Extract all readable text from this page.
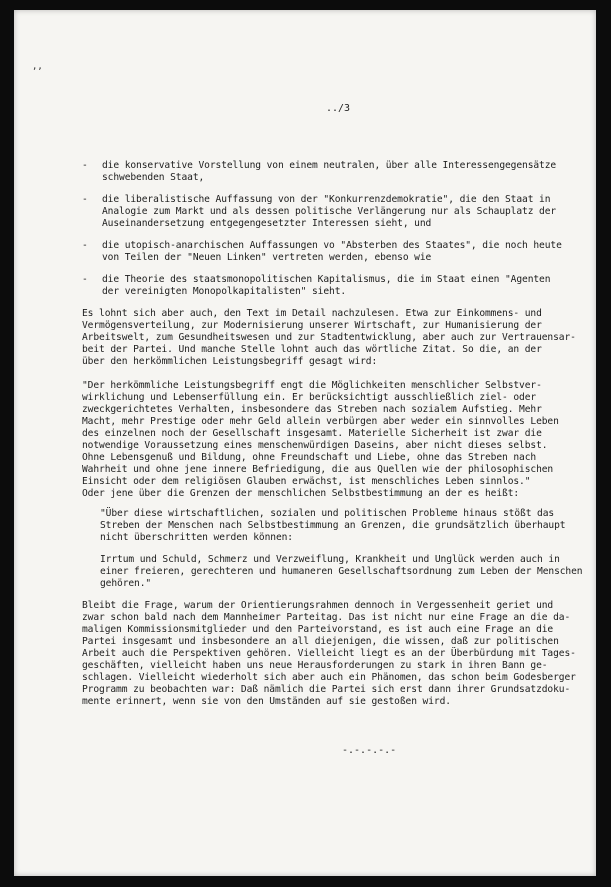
,,
../3
-	die konservative Vorstellung von einem neutralen, über alle Interessengegensätze
schwebenden Staat,
-	die liberalistische Auffassung von der "Konkurrenzdemokratie", die den Staat in
Analogie zum Markt und als dessen politische Verlängerung nur als Schauplatz der
Auseinandersetzung entgegengesetzter Interessen sieht, und
-	die utopisch-anarchischen Auffassungen vo "Absterben des Staates", die noch heute
von Teilen der "Neuen Linken" vertreten werden, ebenso wie
-	die Theorie des staatsmonopolitischen Kapitalismus, die im Staat einen "Agenten
der vereinigten Monopolkapitalisten" sieht.

Es lohnt sich aber auch, den Text im Detail nachzulesen. Etwa zur Einkommens- und
Vermögensverteilung, zur Modernisierung unserer Wirtschaft, zur Humanisierung der
Arbeitswelt, zum Gesundheitswesen und zur Stadtentwicklung, aber auch zur Vertrauensar-
beit der Partei. Und manche Stelle lohnt auch das wörtliche Zitat. So die, an der
über den herkömmlichen Leistungsbegriff gesagt wird:

"Der herkömmliche Leistungsbegriff engt die Möglichkeiten menschlicher Selbstver-
wirklichung und Lebenserfüllung ein. Er berücksichtigt ausschließlich ziel- oder
zweckgerichtetes Verhalten, insbesondere das Streben nach sozialem Aufstieg. Mehr
Macht, mehr Prestige oder mehr Geld allein verbürgen aber weder ein sinnvolles Leben
des einzelnen noch der Gesellschaft insgesamt. Materielle Sicherheit ist zwar die
notwendige Voraussetzung eines menschenwürdigen Daseins, aber nicht dieses selbst.
Ohne Lebensgenuß und Bildung, ohne Freundschaft und Liebe, ohne das Streben nach
Wahrheit und ohne jene innere Befriedigung, die aus Quellen wie der philosophischen
Einsicht oder dem religiösen Glauben erwächst, ist menschliches Leben sinnlos."

Oder jene über die Grenzen der menschlichen Selbstbestimmung an der es heißt:

"Über diese wirtschaftlichen, sozialen und politischen Probleme hinaus stößt das
Streben der Menschen nach Selbstbestimmung an Grenzen, die grundsätzlich überhaupt
nicht überschritten werden können:

Irrtum und Schuld, Schmerz und Verzweiflung, Krankheit und Unglück werden auch in
einer freieren, gerechteren und humaneren Gesellschaftsordnung zum Leben der Menschen
gehören."

Bleibt die Frage, warum der Orientierungsrahmen dennoch in Vergessenheit geriet und
zwar schon bald nach dem Mannheimer Parteitag. Das ist nicht nur eine Frage an die da-
maligen Kommissionsmitglieder und den Parteivorstand, es ist auch eine Frage an die
Partei insgesamt und insbesondere an all diejenigen, die wissen, daß zur politischen
Arbeit auch die Perspektiven gehören. Vielleicht liegt es an der Überbürdung mit Tages-
geschäften, vielleicht haben uns neue Herausforderungen zu stark in ihren Bann ge-
schlagen. Vielleicht wiederholt sich aber auch ein Phänomen, das schon beim Godesberger
Programm zu beobachten war: Daß nämlich die Partei sich erst dann ihrer Grundsatzdoku-
mente erinnert, wenn sie von den Umständen auf sie gestoßen wird.

-.-.-.-.-
